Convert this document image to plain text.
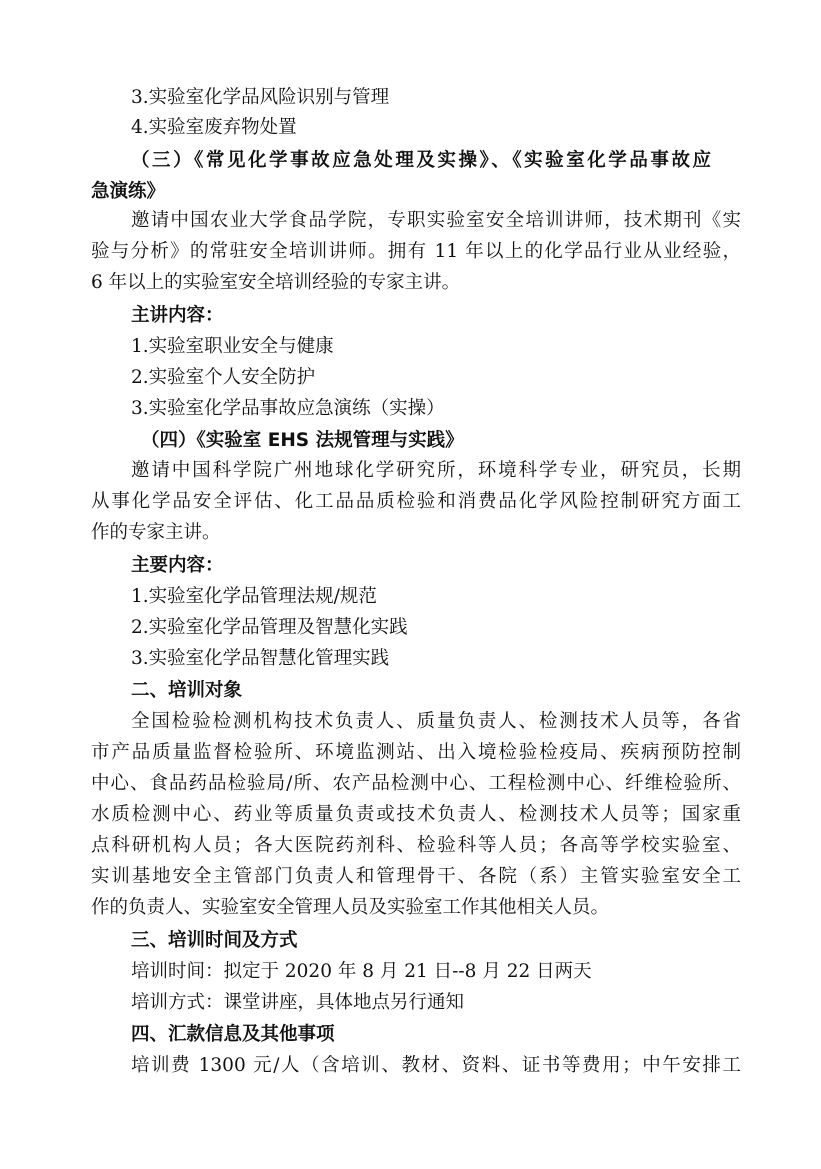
3.实验室化学品风险识别与管理
4.实验室废弃物处置
（三）《常见化学事故应急处理及实操》、《实验室化学品事故应
急演练》
邀请中国农业大学食品学院，专职实验室安全培训讲师，技术期刊《实
验与分析》的常驻安全培训讲师。拥有 11 年以上的化学品行业从业经验，
6 年以上的实验室安全培训经验的专家主讲。
主讲内容：
1.实验室职业安全与健康
2.实验室个人安全防护
3.实验室化学品事故应急演练（实操）
（四）《实验室 EHS 法规管理与实践》
邀请中国科学院广州地球化学研究所，环境科学专业，研究员，长期
从事化学品安全评估、化工品品质检验和消费品化学风险控制研究方面工
作的专家主讲。
主要内容：
1.实验室化学品管理法规/规范
2.实验室化学品管理及智慧化实践
3.实验室化学品智慧化管理实践
二、培训对象
全国检验检测机构技术负责人、质量负责人、检测技术人员等，各省
市产品质量监督检验所、环境监测站、出入境检验检疫局、疾病预防控制
中心、食品药品检验局/所、农产品检测中心、工程检测中心、纤维检验所、
水质检测中心、药业等质量负责或技术负责人、检测技术人员等；国家重
点科研机构人员；各大医院药剂科、检验科等人员；各高等学校实验室、
实训基地安全主管部门负责人和管理骨干、各院（系）主管实验室安全工
作的负责人、实验室安全管理人员及实验室工作其他相关人员。
三、培训时间及方式
培训时间：拟定于 2020 年 8 月 21 日--8 月 22 日两天
培训方式：课堂讲座，具体地点另行通知
四、汇款信息及其他事项
培训费 1300 元/人（含培训、教材、资料、证书等费用；中午安排工
